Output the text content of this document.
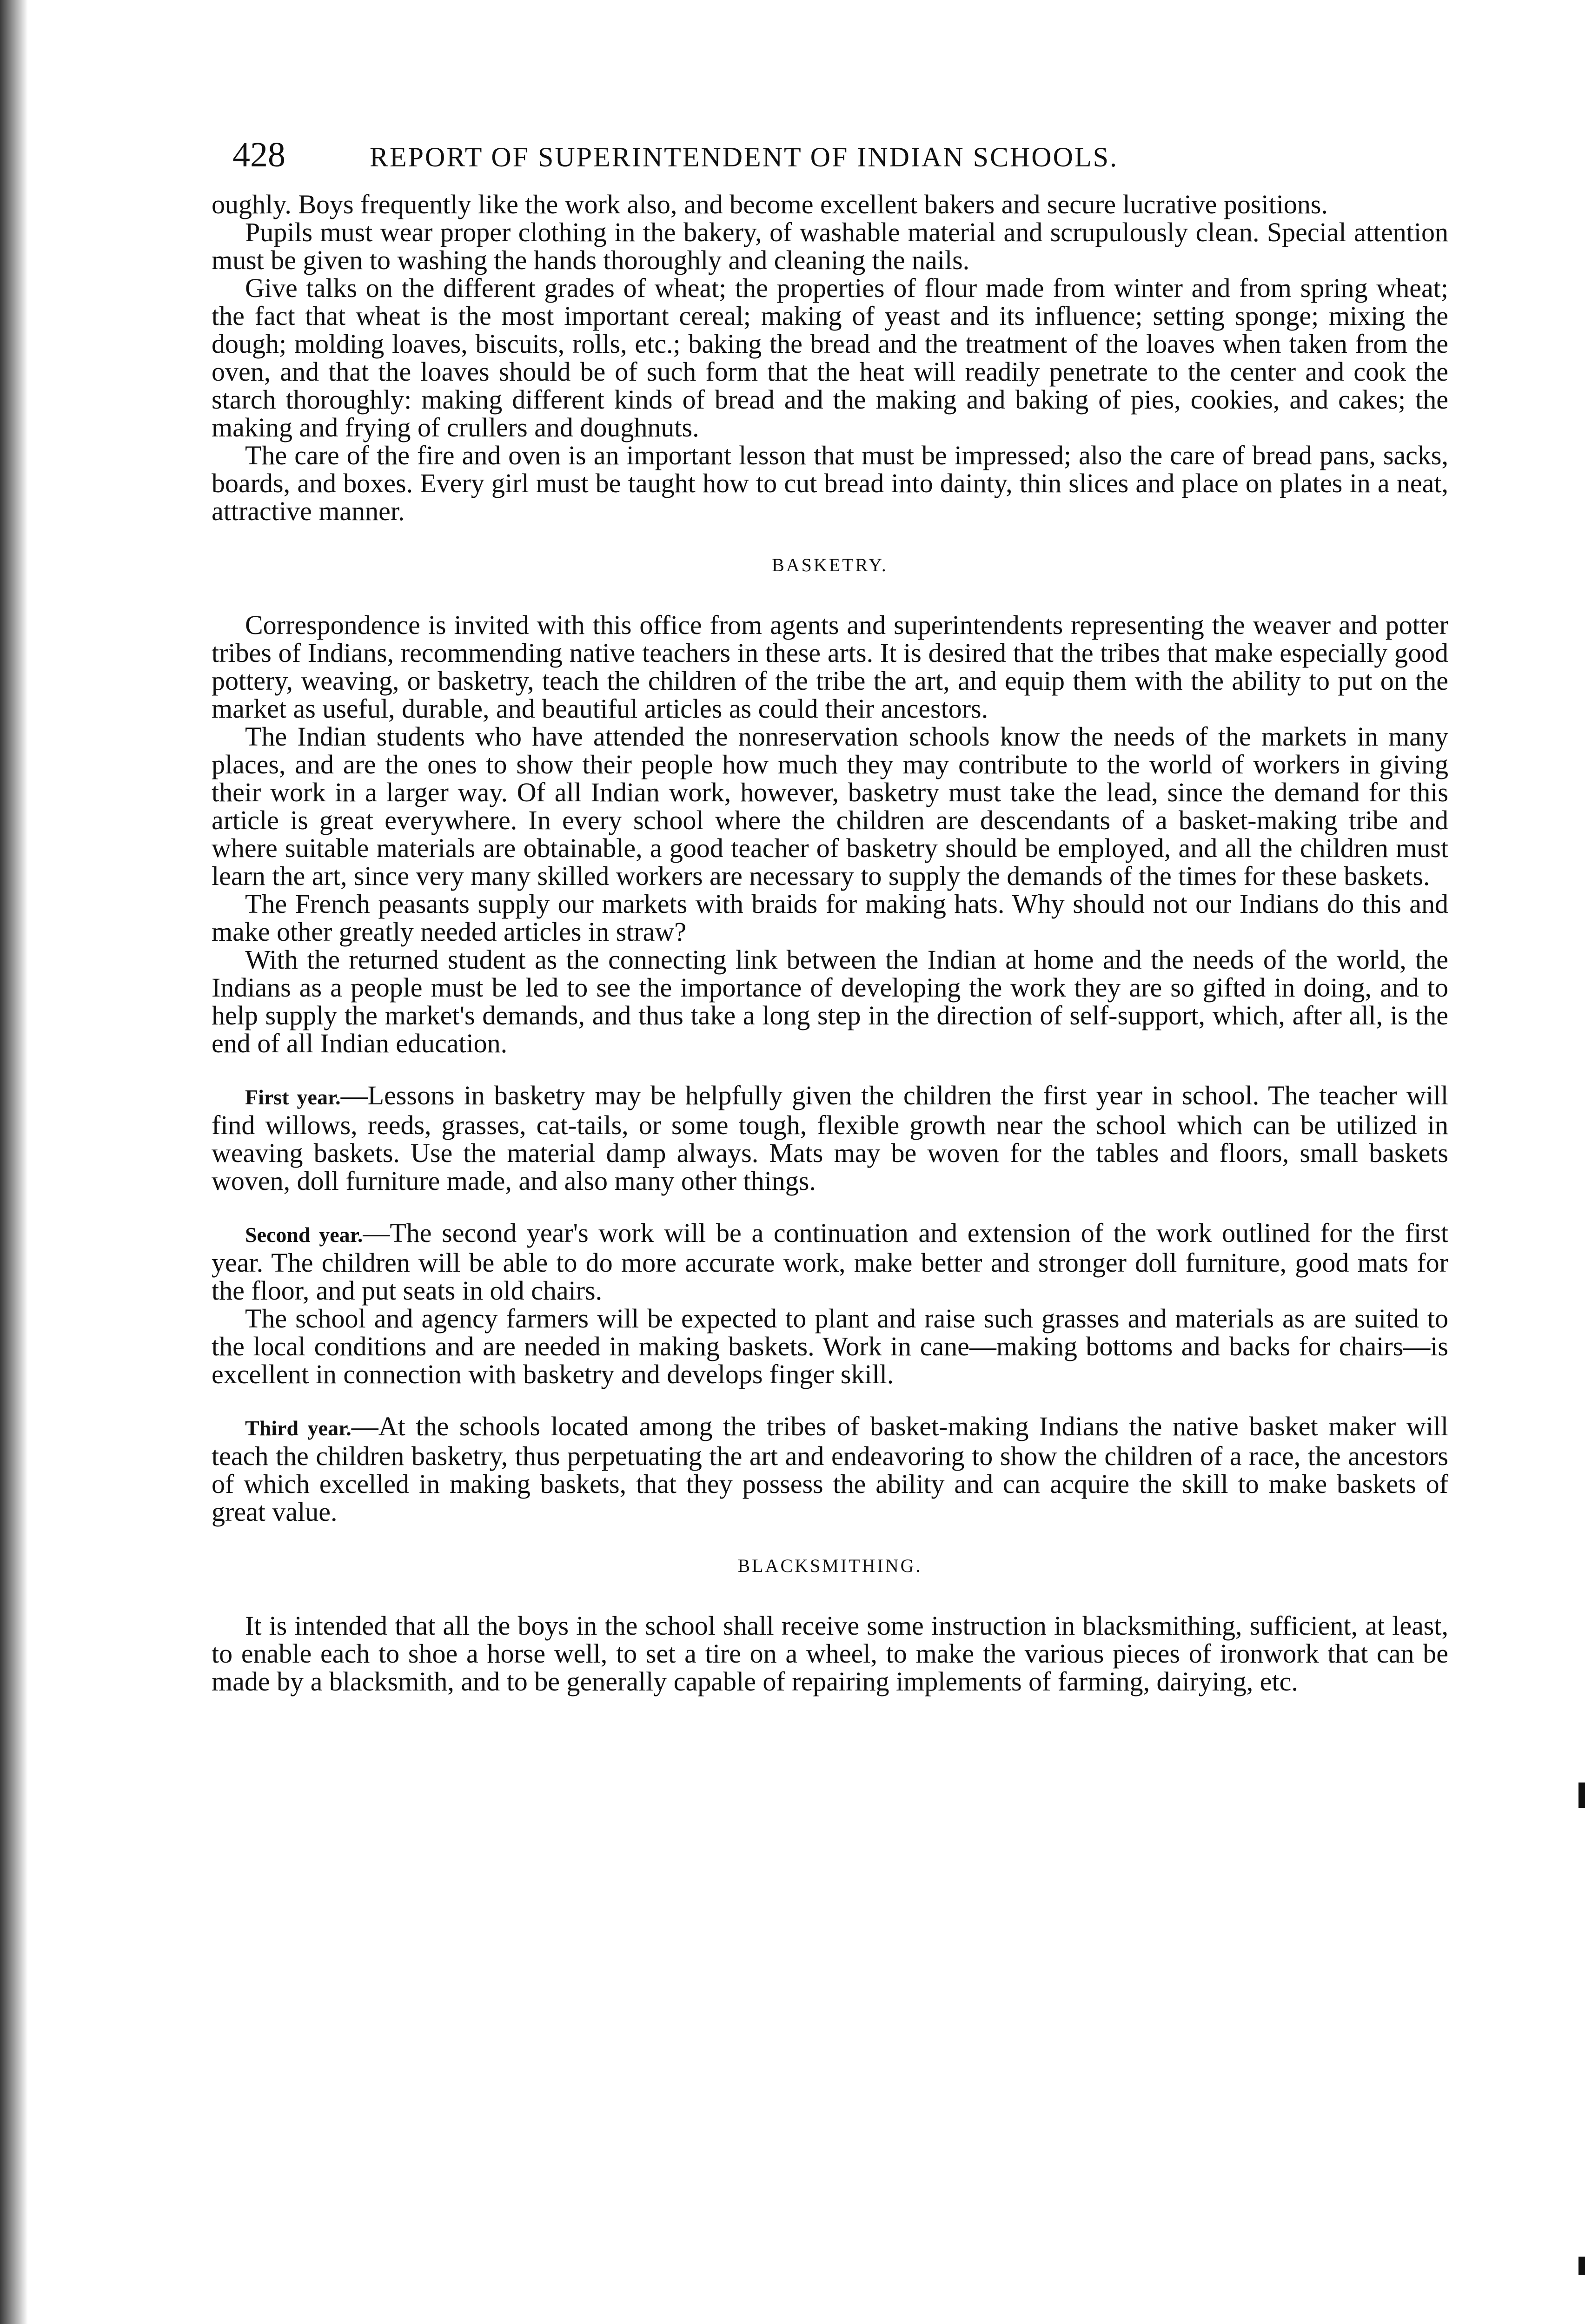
428	REPORT OF SUPERINTENDENT OF INDIAN SCHOOLS.

oughly. Boys frequently like the work also, and become excellent bakers and secure lucrative positions.

Pupils must wear proper clothing in the bakery, of washable material and scrupulously clean. Special attention must be given to washing the hands thoroughly and cleaning the nails.

Give talks on the different grades of wheat; the properties of flour made from winter and from spring wheat; the fact that wheat is the most important cereal; making of yeast and its influence; setting sponge; mixing the dough; molding loaves, biscuits, rolls, etc.; baking the bread and the treatment of the loaves when taken from the oven, and that the loaves should be of such form that the heat will readily penetrate to the center and cook the starch thoroughly: making different kinds of bread and the making and baking of pies, cookies, and cakes; the making and frying of crullers and doughnuts.

The care of the fire and oven is an important lesson that must be impressed; also the care of bread pans, sacks, boards, and boxes. Every girl must be taught how to cut bread into dainty, thin slices and place on plates in a neat, attractive manner.

BASKETRY.

Correspondence is invited with this office from agents and superintendents representing the weaver and potter tribes of Indians, recommending native teachers in these arts. It is desired that the tribes that make especially good pottery, weaving, or basketry, teach the children of the tribe the art, and equip them with the ability to put on the market as useful, durable, and beautiful articles as could their ancestors.

The Indian students who have attended the nonreservation schools know the needs of the markets in many places, and are the ones to show their people how much they may contribute to the world of workers in giving their work in a larger way. Of all Indian work, however, basketry must take the lead, since the demand for this article is great everywhere. In every school where the children are descendants of a basket-making tribe and where suitable materials are obtainable, a good teacher of basketry should be employed, and all the children must learn the art, since very many skilled workers are necessary to supply the demands of the times for these baskets.

The French peasants supply our markets with braids for making hats. Why should not our Indians do this and make other greatly needed articles in straw?

With the returned student as the connecting link between the Indian at home and the needs of the world, the Indians as a people must be led to see the importance of developing the work they are so gifted in doing, and to help supply the market's demands, and thus take a long step in the direction of self-support, which, after all, is the end of all Indian education.

First year.—Lessons in basketry may be helpfully given the children the first year in school. The teacher will find willows, reeds, grasses, cat-tails, or some tough, flexible growth near the school which can be utilized in weaving baskets. Use the material damp always. Mats may be woven for the tables and floors, small baskets woven, doll furniture made, and also many other things.

Second year.—The second year's work will be a continuation and extension of the work outlined for the first year. The children will be able to do more accurate work, make better and stronger doll furniture, good mats for the floor, and put seats in old chairs.

The school and agency farmers will be expected to plant and raise such grasses and materials as are suited to the local conditions and are needed in making baskets. Work in cane—making bottoms and backs for chairs—is excellent in connection with basketry and develops finger skill.

Third year.—At the schools located among the tribes of basket-making Indians the native basket maker will teach the children basketry, thus perpetuating the art and endeavoring to show the children of a race, the ancestors of which excelled in making baskets, that they possess the ability and can acquire the skill to make baskets of great value.

BLACKSMITHING.

It is intended that all the boys in the school shall receive some instruction in blacksmithing, sufficient, at least, to enable each to shoe a horse well, to set a tire on a wheel, to make the various pieces of ironwork that can be made by a blacksmith, and to be generally capable of repairing implements of farming, dairying, etc.
